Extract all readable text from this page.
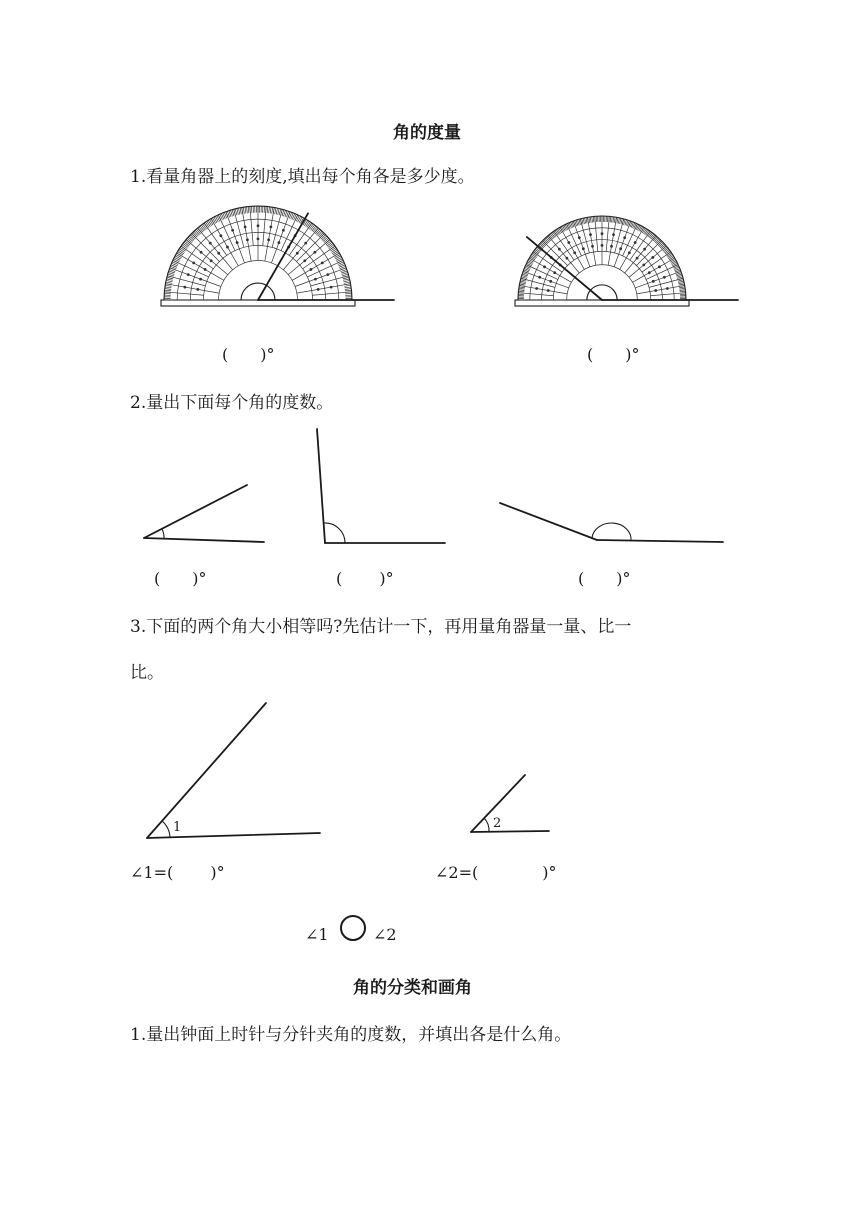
角的度量
1.看量角器上的刻度,填出每个角各是多少度。
(　　)°	(　　)°
2.量出下面每个角的度数。
(　　)°	(　　 )°	(　　)°
3.下面的两个角大小相等吗?先估计一下，再用量角器量一量、比一
比。
1	2
∠1=(　　 )°	∠2=(　　　　)°
∠1	∠2
角的分类和画角
1.量出钟面上时针与分针夹角的度数，并填出各是什么角。
